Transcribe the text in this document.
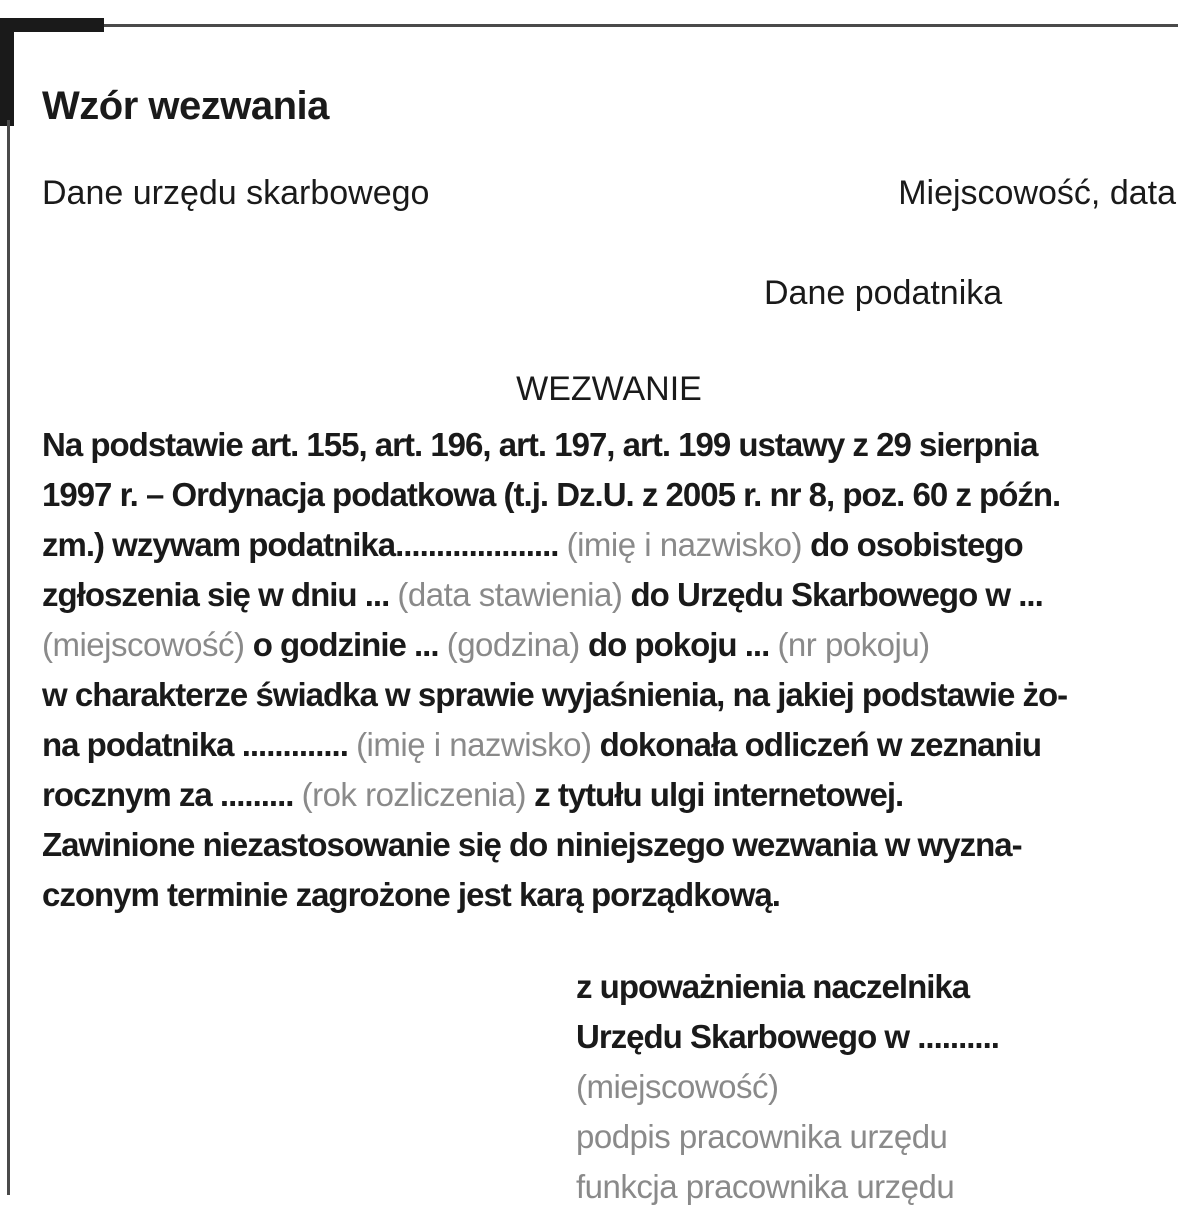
Wzór wezwania
Dane urzędu skarbowego	Miejscowość, data
Dane podatnika
WEZWANIE
Na podstawie art. 155, art. 196, art. 197, art. 199 ustawy z 29 sierpnia
1997 r. – Ordynacja podatkowa (t.j. Dz.U. z 2005 r. nr 8, poz. 60 z późn.
zm.) wzywam podatnika.................... (imię i nazwisko) do osobistego
zgłoszenia się w dniu ... (data stawienia) do Urzędu Skarbowego w ...
(miejscowość) o godzinie ... (godzina) do pokoju ... (nr pokoju)
w charakterze świadka w sprawie wyjaśnienia, na jakiej podstawie żo-
na podatnika ............. (imię i nazwisko) dokonała odliczeń w zeznaniu
rocznym za ......... (rok rozliczenia) z tytułu ulgi internetowej.
Zawinione niezastosowanie się do niniejszego wezwania w wyzna-
czonym terminie zagrożone jest karą porządkową.
z upoważnienia naczelnika
Urzędu Skarbowego w ..........
(miejscowość)
podpis pracownika urzędu
funkcja pracownika urzędu
